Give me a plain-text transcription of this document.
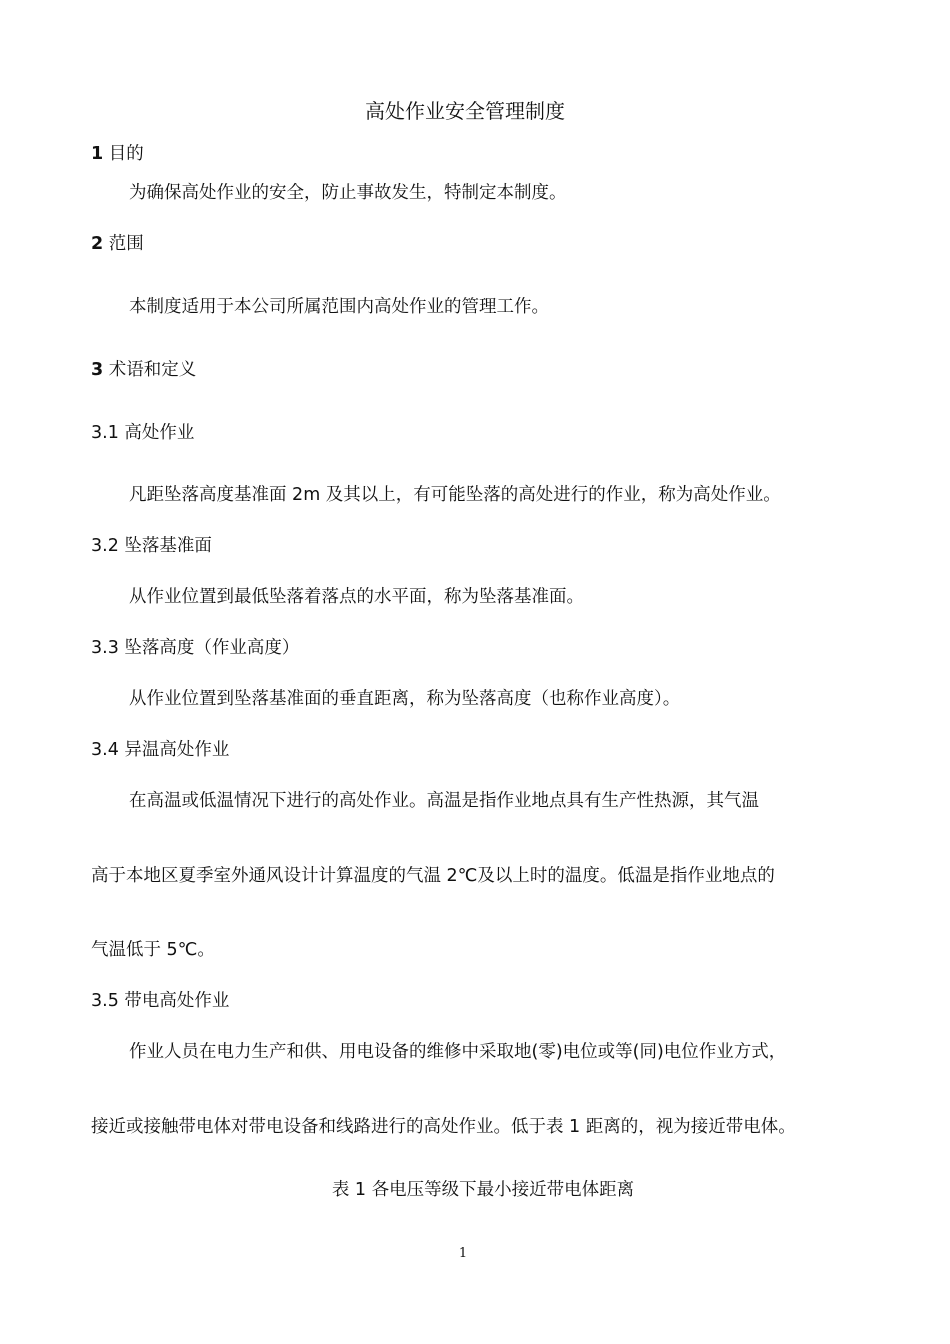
高处作业安全管理制度
1 目的
为确保高处作业的安全，防止事故发生，特制定本制度。
2 范围
本制度适用于本公司所属范围内高处作业的管理工作。
3 术语和定义
3.1 高处作业
凡距坠落高度基准面 2m 及其以上，有可能坠落的高处进行的作业，称为高处作业。
3.2 坠落基准面
从作业位置到最低坠落着落点的水平面，称为坠落基准面。
3.3 坠落高度（作业高度）
从作业位置到坠落基准面的垂直距离，称为坠落高度（也称作业高度）。
3.4 异温高处作业
在高温或低温情况下进行的高处作业。高温是指作业地点具有生产性热源，其气温
高于本地区夏季室外通风设计计算温度的气温 2℃及以上时的温度。低温是指作业地点的
气温低于 5℃。
3.5 带电高处作业
作业人员在电力生产和供、用电设备的维修中采取地(零)电位或等(同)电位作业方式，
接近或接触带电体对带电设备和线路进行的高处作业。低于表 1 距离的，视为接近带电体。
表 1 各电压等级下最小接近带电体距离
1
